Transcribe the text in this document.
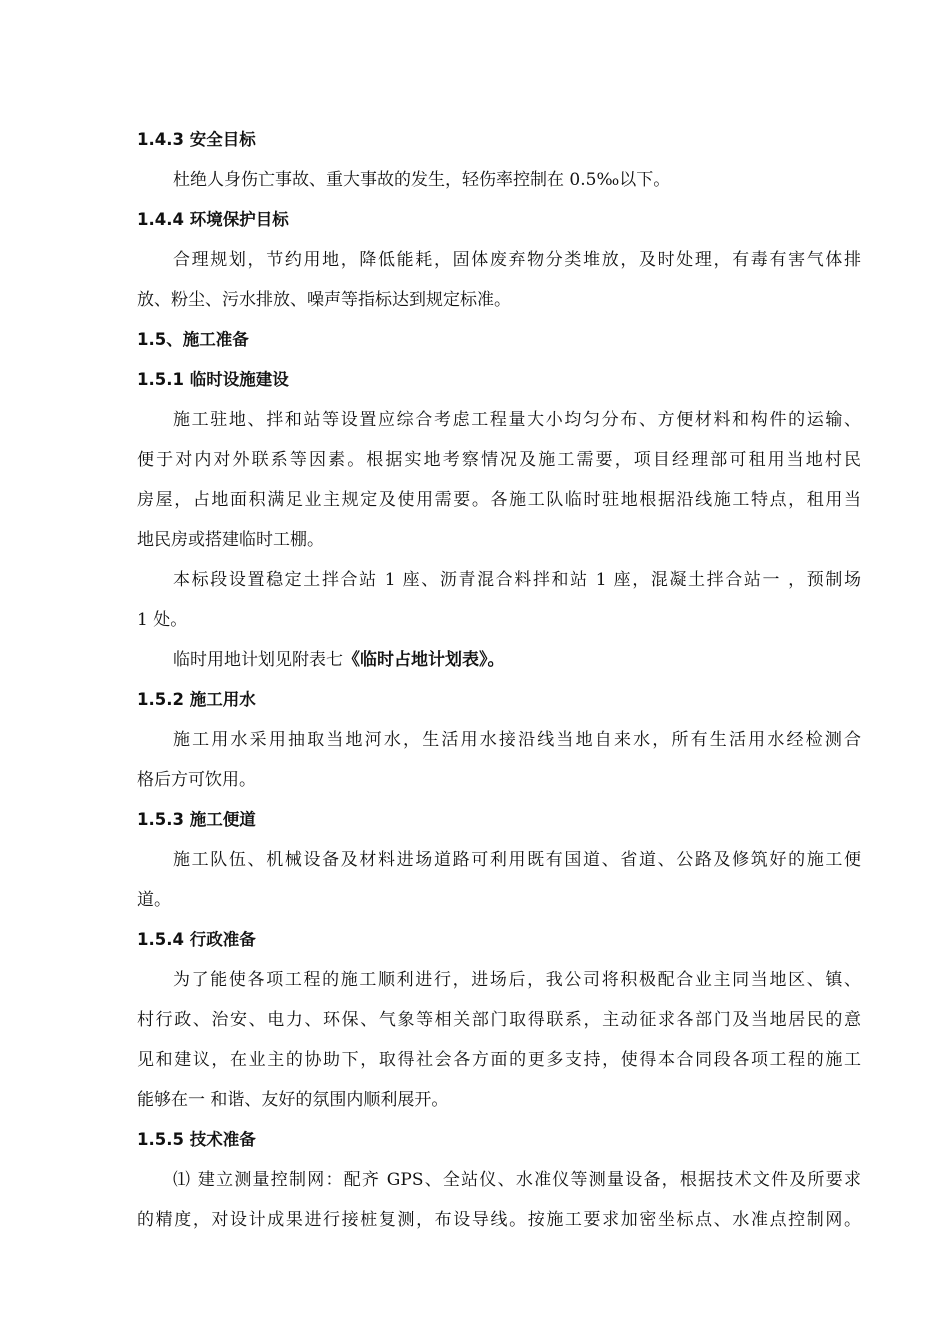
1.4.3 安全目标
杜绝人身伤亡事故、重大事故的发生，轻伤率控制在 0.5‰以下。
1.4.4 环境保护目标
合理规划，节约用地，降低能耗，固体废弃物分类堆放，及时处理，有毒有害气体排
放、粉尘、污水排放、噪声等指标达到规定标准。
1.5、施工准备
1.5.1 临时设施建设
施工驻地、拌和站等设置应综合考虑工程量大小均匀分布、方便材料和构件的运输、
便于对内对外联系等因素。根据实地考察情况及施工需要，项目经理部可租用当地村民
房屋，占地面积满足业主规定及使用需要。各施工队临时驻地根据沿线施工特点，租用当
地民房或搭建临时工棚。
本标段设置稳定土拌合站 1 座、沥青混合料拌和站 1 座，混凝土拌合站一 ，预制场
1 处。
临时用地计划见附表七《临时占地计划表》。
1.5.2 施工用水
施工用水采用抽取当地河水，生活用水接沿线当地自来水，所有生活用水经检测合
格后方可饮用。
1.5.3 施工便道
施工队伍、机械设备及材料进场道路可利用既有国道、省道、公路及修筑好的施工便
道。
1.5.4 行政准备
为了能使各项工程的施工顺利进行，进场后，我公司将积极配合业主同当地区、镇、
村行政、治安、电力、环保、气象等相关部门取得联系，主动征求各部门及当地居民的意
见和建议，在业主的协助下，取得社会各方面的更多支持，使得本合同段各项工程的施工
能够在一 和谐、友好的氛围内顺利展开。
1.5.5 技术准备
⑴ 建立测量控制网：配齐 GPS、全站仪、水准仪等测量设备，根据技术文件及所要求
的精度，对设计成果进行接桩复测，布设导线。按施工要求加密坐标点、水准点控制网。
